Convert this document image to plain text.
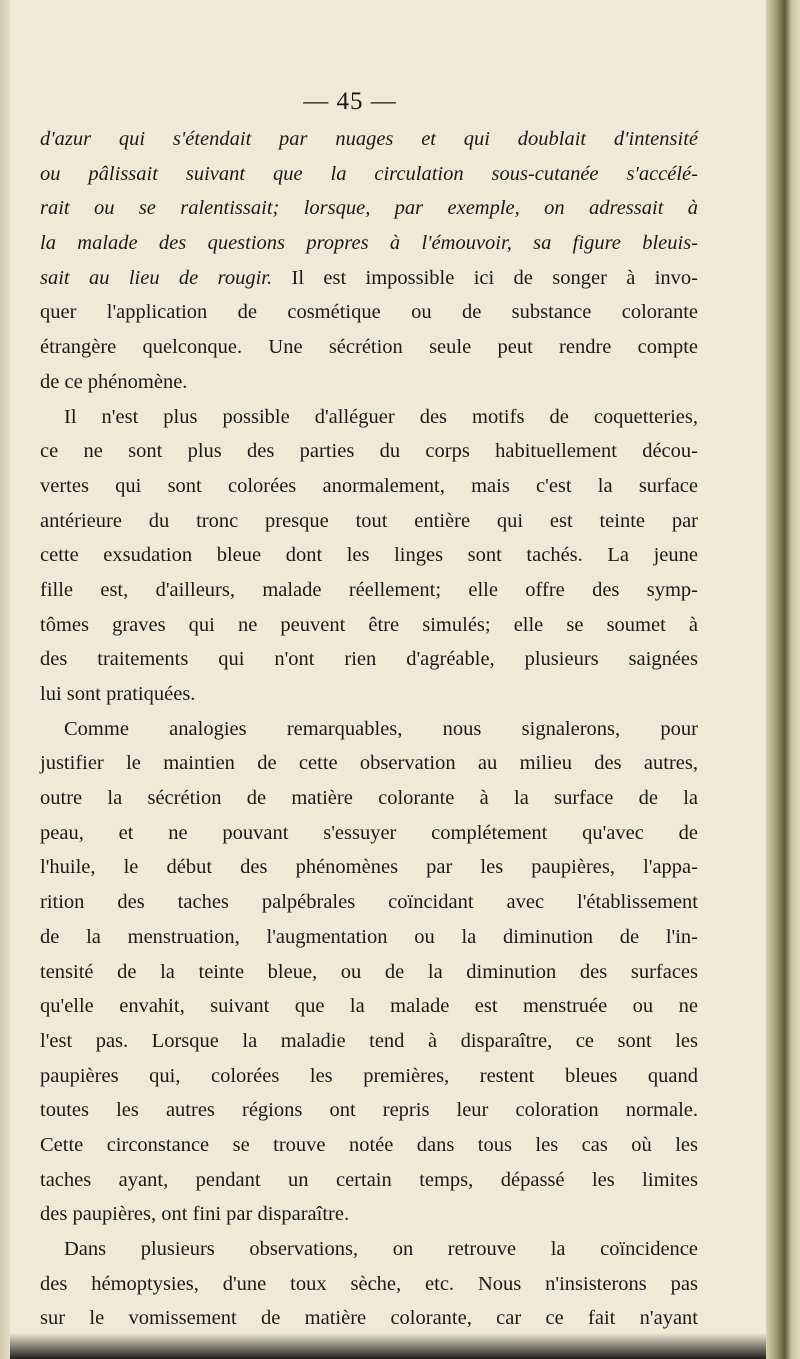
— 45 —
d'azur qui s'étendait par nuages et qui doublait d'intensité
ou pâlissait suivant que la circulation sous-cutanée s'accélé-
rait ou se ralentissait; lorsque, par exemple, on adressait à
la malade des questions propres à l'émouvoir, sa figure bleuis-
sait au lieu de rougir. Il est impossible ici de songer à invo-
quer l'application de cosmétique ou de substance colorante
étrangère quelconque. Une sécrétion seule peut rendre compte
de ce phénomène.
Il n'est plus possible d'alléguer des motifs de coquetteries,
ce ne sont plus des parties du corps habituellement décou-
vertes qui sont colorées anormalement, mais c'est la surface
antérieure du tronc presque tout entière qui est teinte par
cette exsudation bleue dont les linges sont tachés. La jeune
fille est, d'ailleurs, malade réellement; elle offre des symp-
tômes graves qui ne peuvent être simulés; elle se soumet à
des traitements qui n'ont rien d'agréable, plusieurs saignées
lui sont pratiquées.
Comme analogies remarquables, nous signalerons, pour
justifier le maintien de cette observation au milieu des autres,
outre la sécrétion de matière colorante à la surface de la
peau, et ne pouvant s'essuyer complétement qu'avec de
l'huile, le début des phénomènes par les paupières, l'appa-
rition des taches palpébrales coïncidant avec l'établissement
de la menstruation, l'augmentation ou la diminution de l'in-
tensité de la teinte bleue, ou de la diminution des surfaces
qu'elle envahit, suivant que la malade est menstruée ou ne
l'est pas. Lorsque la maladie tend à disparaître, ce sont les
paupières qui, colorées les premières, restent bleues quand
toutes les autres régions ont repris leur coloration normale.
Cette circonstance se trouve notée dans tous les cas où les
taches ayant, pendant un certain temps, dépassé les limites
des paupières, ont fini par disparaître.
Dans plusieurs observations, on retrouve la coïncidence
des hémoptysies, d'une toux sèche, etc. Nous n'insisterons pas
sur le vomissement de matière colorante, car ce fait n'ayant
